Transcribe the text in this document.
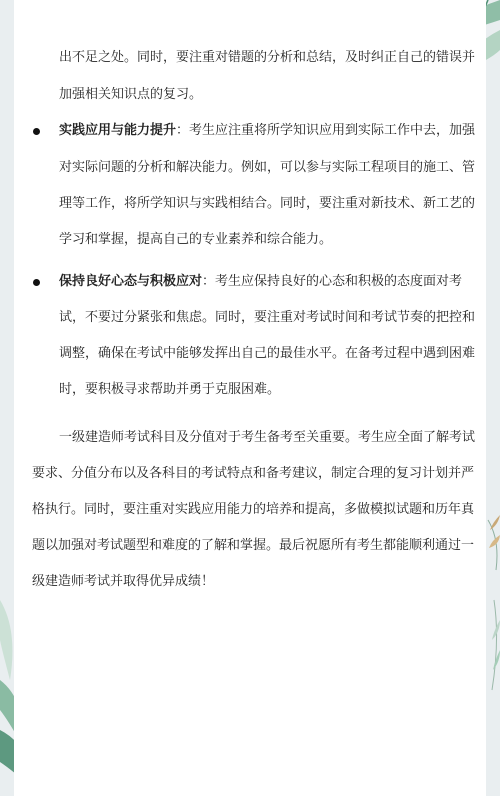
出不足之处。同时，要注重对错题的分析和总结，及时纠正自己的错误并
加强相关知识点的复习。
实践应用与能力提升：考生应注重将所学知识应用到实际工作中去，加强
对实际问题的分析和解决能力。例如，可以参与实际工程项目的施工、管
理等工作，将所学知识与实践相结合。同时，要注重对新技术、新工艺的
学习和掌握，提高自己的专业素养和综合能力。
保持良好心态与积极应对：考生应保持良好的心态和积极的态度面对考
试，不要过分紧张和焦虑。同时，要注重对考试时间和考试节奏的把控和
调整，确保在考试中能够发挥出自己的最佳水平。在备考过程中遇到困难
时，要积极寻求帮助并勇于克服困难。
一级建造师考试科目及分值对于考生备考至关重要。考生应全面了解考试
要求、分值分布以及各科目的考试特点和备考建议，制定合理的复习计划并严
格执行。同时，要注重对实践应用能力的培养和提高，多做模拟试题和历年真
题以加强对考试题型和难度的了解和掌握。最后祝愿所有考生都能顺利通过一
级建造师考试并取得优异成绩！
